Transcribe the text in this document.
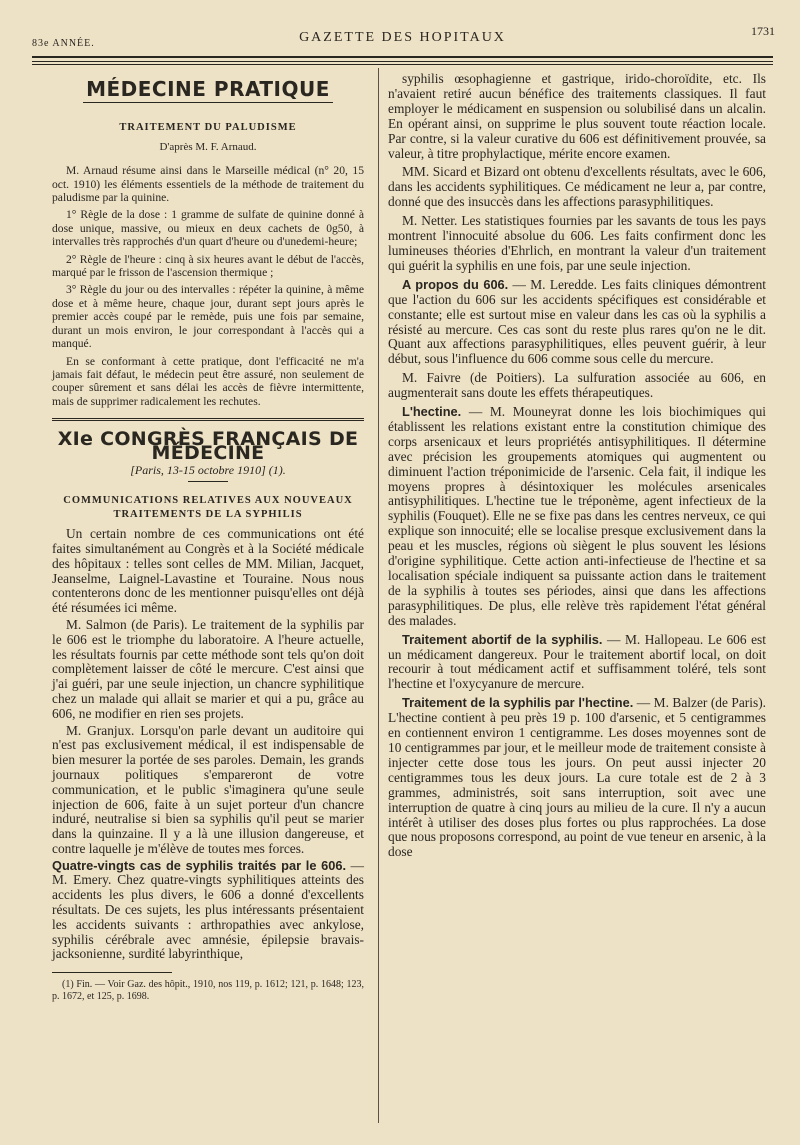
83e ANNÉE.	GAZETTE DES HOPITAUX	1731
MÉDECINE PRATIQUE
TRAITEMENT DU PALUDISME
D'après M. F. Arnaud.

M. Arnaud résume ainsi dans le Marseille médical (n° 20, 15 oct. 1910) les éléments essentiels de la méthode de traitement du paludisme par la quinine.

1° Règle de la dose : 1 gramme de sulfate de quinine donné à dose unique, massive, ou mieux en deux cachets de 0g50, à intervalles très rapprochés d'un quart d'heure ou d'unedemi-heure;

2° Règle de l'heure : cinq à six heures avant le début de l'accès, marqué par le frisson de l'ascension thermique ;

3° Règle du jour ou des intervalles : répéter la quinine, à même dose et à même heure, chaque jour, durant sept jours après le premier accès coupé par le remède, puis une fois par semaine, durant un mois environ, le jour correspondant à l'accès qui a manqué.

En se conformant à cette pratique, dont l'efficacité ne m'a jamais fait défaut, le médecin peut être assuré, non seulement de couper sûrement et sans délai les accès de fièvre intermittente, mais de supprimer radicalement les rechutes.

XIe CONGRÈS FRANÇAIS DE MÉDECINE
[Paris, 13-15 octobre 1910] (1).
COMMUNICATIONS RELATIVES AUX NOUVEAUX TRAITEMENTS DE LA SYPHILIS

Un certain nombre de ces communications ont été faites simultanément au Congrès et à la Société médicale des hôpitaux : telles sont celles de MM. Milian, Jacquet, Jeanselme, Laignel-Lavastine et Touraine. Nous nous contenterons donc de les mentionner puisqu'elles ont déjà été résumées ici même.

M. Salmon (de Paris). Le traitement de la syphilis par le 606 est le triomphe du laboratoire. A l'heure actuelle, les résultats fournis par cette méthode sont tels qu'on doit complètement laisser de côté le mercure. C'est ainsi que j'ai guéri, par une seule injection, un chancre syphilitique chez un malade qui allait se marier et qui a pu, grâce au 606, ne modifier en rien ses projets.

M. Granjux. Lorsqu'on parle devant un auditoire qui n'est pas exclusivement médical, il est indispensable de bien mesurer la portée de ses paroles. Demain, les grands journaux politiques s'empareront de votre communication, et le public s'imaginera qu'une seule injection de 606, faite à un sujet porteur d'un chancre induré, neutralise si bien sa syphilis qu'il peut se marier dans la quinzaine. Il y a là une illusion dangereuse, et contre laquelle je m'élève de toutes mes forces.

Quatre-vingts cas de syphilis traités par le 606. — M. Emery. Chez quatre-vingts syphilitiques atteints des accidents les plus divers, le 606 a donné d'excellents résultats. De ces sujets, les plus intéressants présentaient les accidents suivants : arthropathies avec ankylose, syphilis cérébrale avec amnésie, épilepsie bravais-jacksonienne, surdité labyrinthique,

(1) Fin. — Voir Gaz. des hôpit., 1910, nos 119, p. 1612; 121, p. 1648; 123, p. 1672, et 125, p. 1698.

syphilis œsophagienne et gastrique, irido-choroïdite, etc. Ils n'avaient retiré aucun bénéfice des traitements classiques. Il faut employer le médicament en suspension ou solubilisé dans un alcalin. En opérant ainsi, on supprime le plus souvent toute réaction locale. Par contre, si la valeur curative du 606 est définitivement prouvée, sa valeur, à titre prophylactique, mérite encore examen.

MM. Sicard et Bizard ont obtenu d'excellents résultats, avec le 606, dans les accidents syphilitiques. Ce médicament ne leur a, par contre, donné que des insuccès dans les affections parasyphilitiques.

M. Netter. Les statistiques fournies par les savants de tous les pays montrent l'innocuité absolue du 606. Les faits confirment donc les lumineuses théories d'Ehrlich, en montrant la valeur d'un traitement qui guérit la syphilis en une fois, par une seule injection.

A propos du 606. — M. Leredde. Les faits cliniques démontrent que l'action du 606 sur les accidents spécifiques est considérable et constante; elle est surtout mise en valeur dans les cas où la syphilis a résisté au mercure. Ces cas sont du reste plus rares qu'on ne le dit. Quant aux affections parasyphilitiques, elles peuvent guérir, à leur début, sous l'influence du 606 comme sous celle du mercure.

M. Faivre (de Poitiers). La sulfuration associée au 606, en augmenterait sans doute les effets thérapeutiques.

L'hectine. — M. Mouneyrat donne les lois biochimiques qui établissent les relations existant entre la constitution chimique des corps arsenicaux et leurs propriétés antisyphilitiques. Il détermine avec précision les groupements atomiques qui augmentent ou diminuent l'action tréponimicide de l'arsenic. Cela fait, il indique les moyens propres à désintoxiquer les molécules arsenicales antisyphilitiques. L'hectine tue le tréponème, agent infectieux de la syphilis (Fouquet). Elle ne se fixe pas dans les centres nerveux, ce qui explique son innocuité; elle se localise presque exclusivement dans la peau et les muscles, régions où siègent le plus souvent les lésions d'origine syphilitique. Cette action anti-infectieuse de l'hectine et sa localisation spéciale indiquent sa puissante action dans le traitement de la syphilis à toutes ses périodes, ainsi que dans les affections parasyphilitiques. De plus, elle relève très rapidement l'état général des malades.

Traitement abortif de la syphilis. — M. Hallopeau. Le 606 est un médicament dangereux. Pour le traitement abortif local, on doit recourir à tout médicament actif et suffisamment toléré, tels sont l'hectine et l'oxycyanure de mercure.

Traitement de la syphilis par l'hectine. — M. Balzer (de Paris). L'hectine contient à peu près 19 p. 100 d'arsenic, et 5 centigrammes en contiennent environ 1 centigramme. Les doses moyennes sont de 10 centigrammes par jour, et le meilleur mode de traitement consiste à injecter cette dose tous les jours. On peut aussi injecter 20 centigrammes tous les deux jours. La cure totale est de 2 à 3 grammes, administrés, soit sans interruption, soit avec une interruption de quatre à cinq jours au milieu de la cure. Il n'y a aucun intérêt à utiliser des doses plus fortes ou plus rapprochées. La dose que nous proposons correspond, au point de vue teneur en arsenic, à la dose
